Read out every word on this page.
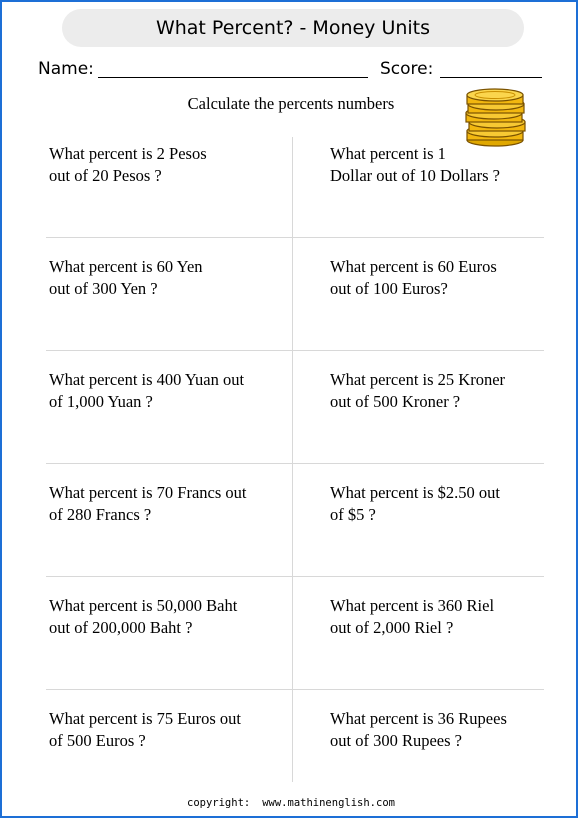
What Percent? - Money Units
Name:	Score:
Calculate the percents numbers
What percent is 2 Pesos
out of 20 Pesos ?
What percent is 1
Dollar out of 10 Dollars ?
What percent is 60 Yen
out of 300 Yen ?
What percent is 60 Euros
out of 100 Euros?
What percent is 400 Yuan out
of 1,000 Yuan ?
What percent is 25 Kroner
out of 500 Kroner ?
What percent is 70 Francs out
of 280 Francs ?
What percent is $2.50 out
of $5 ?
What percent is 50,000 Baht
out of 200,000 Baht ?
What percent is 360 Riel
out of 2,000 Riel ?
What percent is 75 Euros out
of 500 Euros ?
What percent is 36 Rupees
out of 300 Rupees ?
copyright: www.mathinenglish.com
